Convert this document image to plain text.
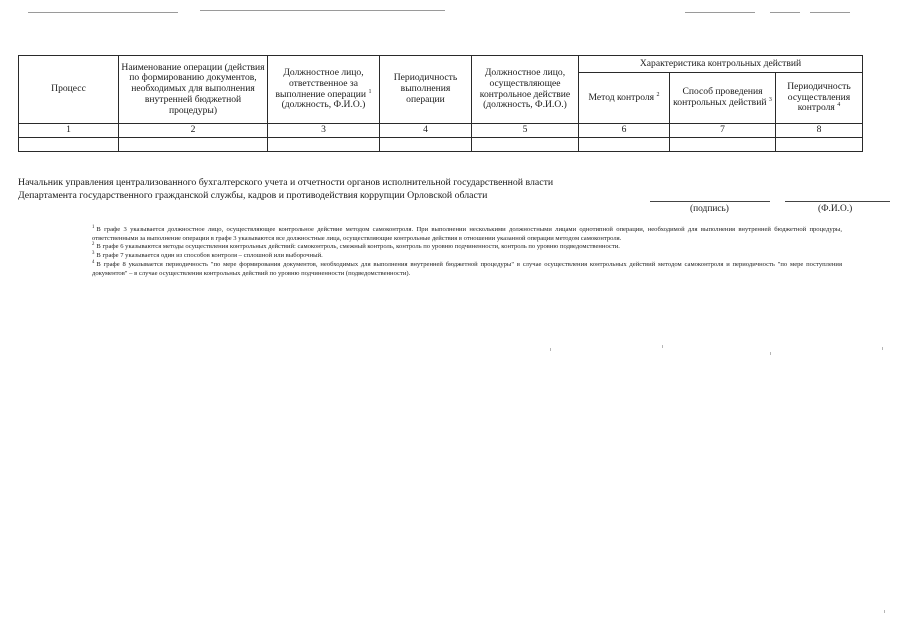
Процесс	Наименование операции (действия по формированию документов, необходимых для выполнения внутренней бюджетной процедуры)	Должностное лицо, ответственное за выполнение операции $^1$ (должность, Ф.И.О.)	Периодичность выполнения операции	Должностное лицо, осуществляющее контрольное действие (должность, Ф.И.О.)	Характеристика контрольных действий		
					Метод контроля $^2$	Способ проведения контрольных действий $^3$	Периодичность осуществления контроля $^4$
1	2	3	4	5	6	7	8

Начальник управления централизованного бухгалтерского учета и отчетности органов исполнительной государственной власти
Департамента государственного гражданской службы, кадров и противодействия коррупции Орловской области
(подпись)	(Ф.И.О.)
$^1$ В графе 3 указывается должностное лицо, осуществляющее контрольное действие методом самоконтроля. При выполнении несколькими должностными лицами однотипной операции, необходимой для выполнения внутренней бюджетной процедуры, ответственными за выполнение операции в графе 3 указываются все должностные лица, осуществляющие контрольные действия в отношении указанной операции методом самоконтроля.
$^2$ В графе 6 указываются методы осуществления контрольных действий: самоконтроль, смежный контроль, контроль по уровню подчиненности, контроль по уровню подведомственности.
$^3$ В графе 7 указывается один из способов контроля – сплошной или выборочный.
$^4$ В графе 8 указывается периодичность "по мере формирования документов, необходимых для выполнения внутренней бюджетной процедуры" в случае осуществления контрольных действий методом самоконтроля и периодичность "по мере поступления документов" – в случае осуществления контрольных действий по уровню подчиненности (подведомственности).
